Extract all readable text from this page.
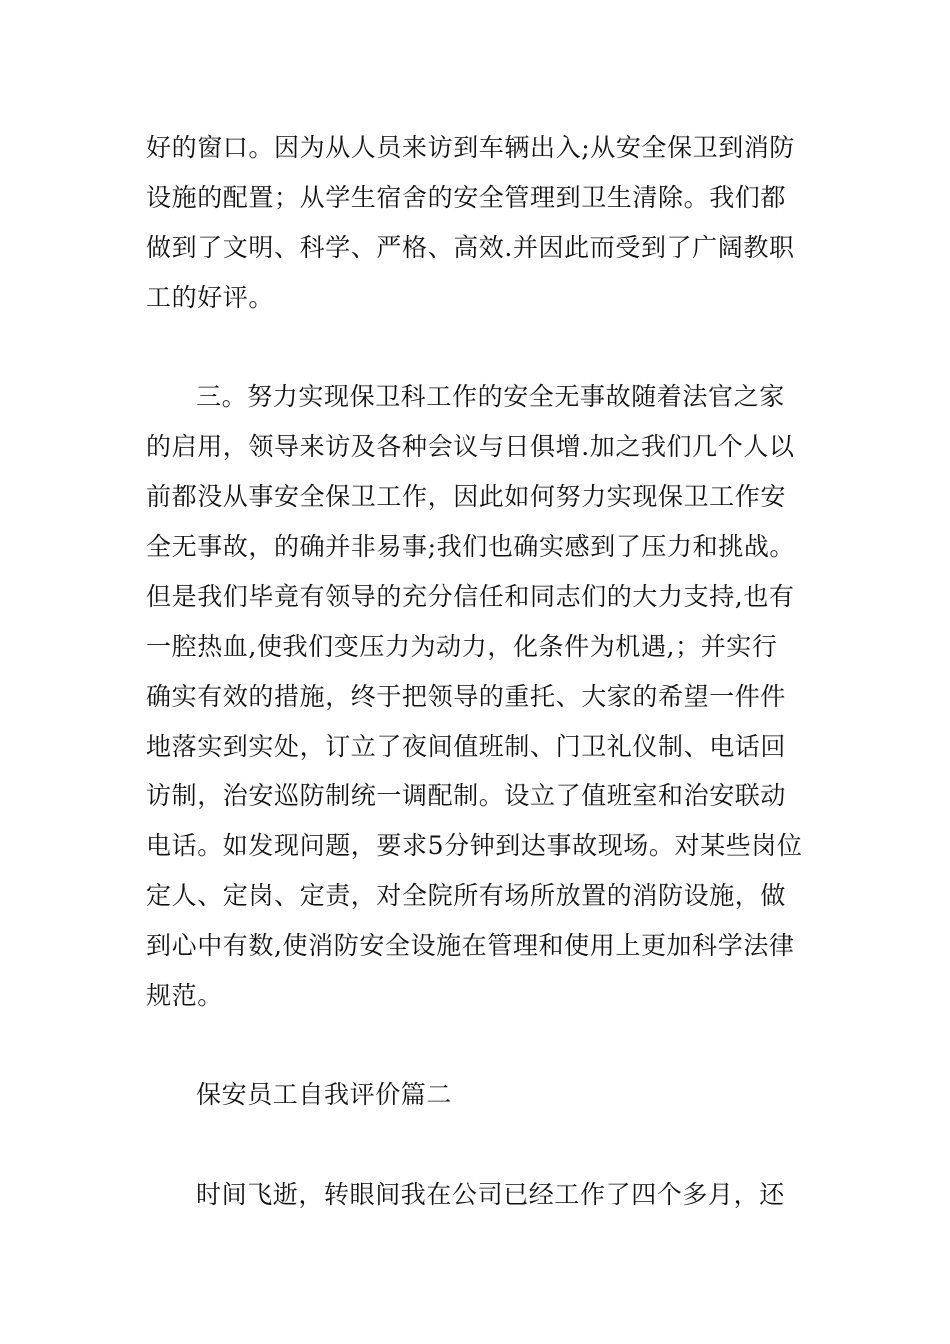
好的窗口。因为从人员来访到车辆出入;从安全保卫到消防
设施的配置；从学生宿舍的安全管理到卫生清除。我们都
做到了文明、科学、严格、高效.并因此而受到了广阔教职
工的好评。
三。努力实现保卫科工作的安全无事故随着法官之家
的启用，领导来访及各种会议与日俱增.加之我们几个人以
前都没从事安全保卫工作，因此如何努力实现保卫工作安
全无事故，的确并非易事;我们也确实感到了压力和挑战。
但是我们毕竟有领导的充分信任和同志们的大力支持,也有
一腔热血,使我们变压力为动力，化条件为机遇,；并实行
确实有效的措施，终于把领导的重托、大家的希望一件件
地落实到实处，订立了夜间值班制、门卫礼仪制、电话回
访制，治安巡防制统一调配制。设立了值班室和治安联动
电话。如发现问题，要求5分钟到达事故现场。对某些岗位
定人、定岗、定责，对全院所有场所放置的消防设施，做
到心中有数,使消防安全设施在管理和使用上更加科学法律
规范。
保安员工自我评价篇二
时间飞逝，转眼间我在公司已经工作了四个多月，还
